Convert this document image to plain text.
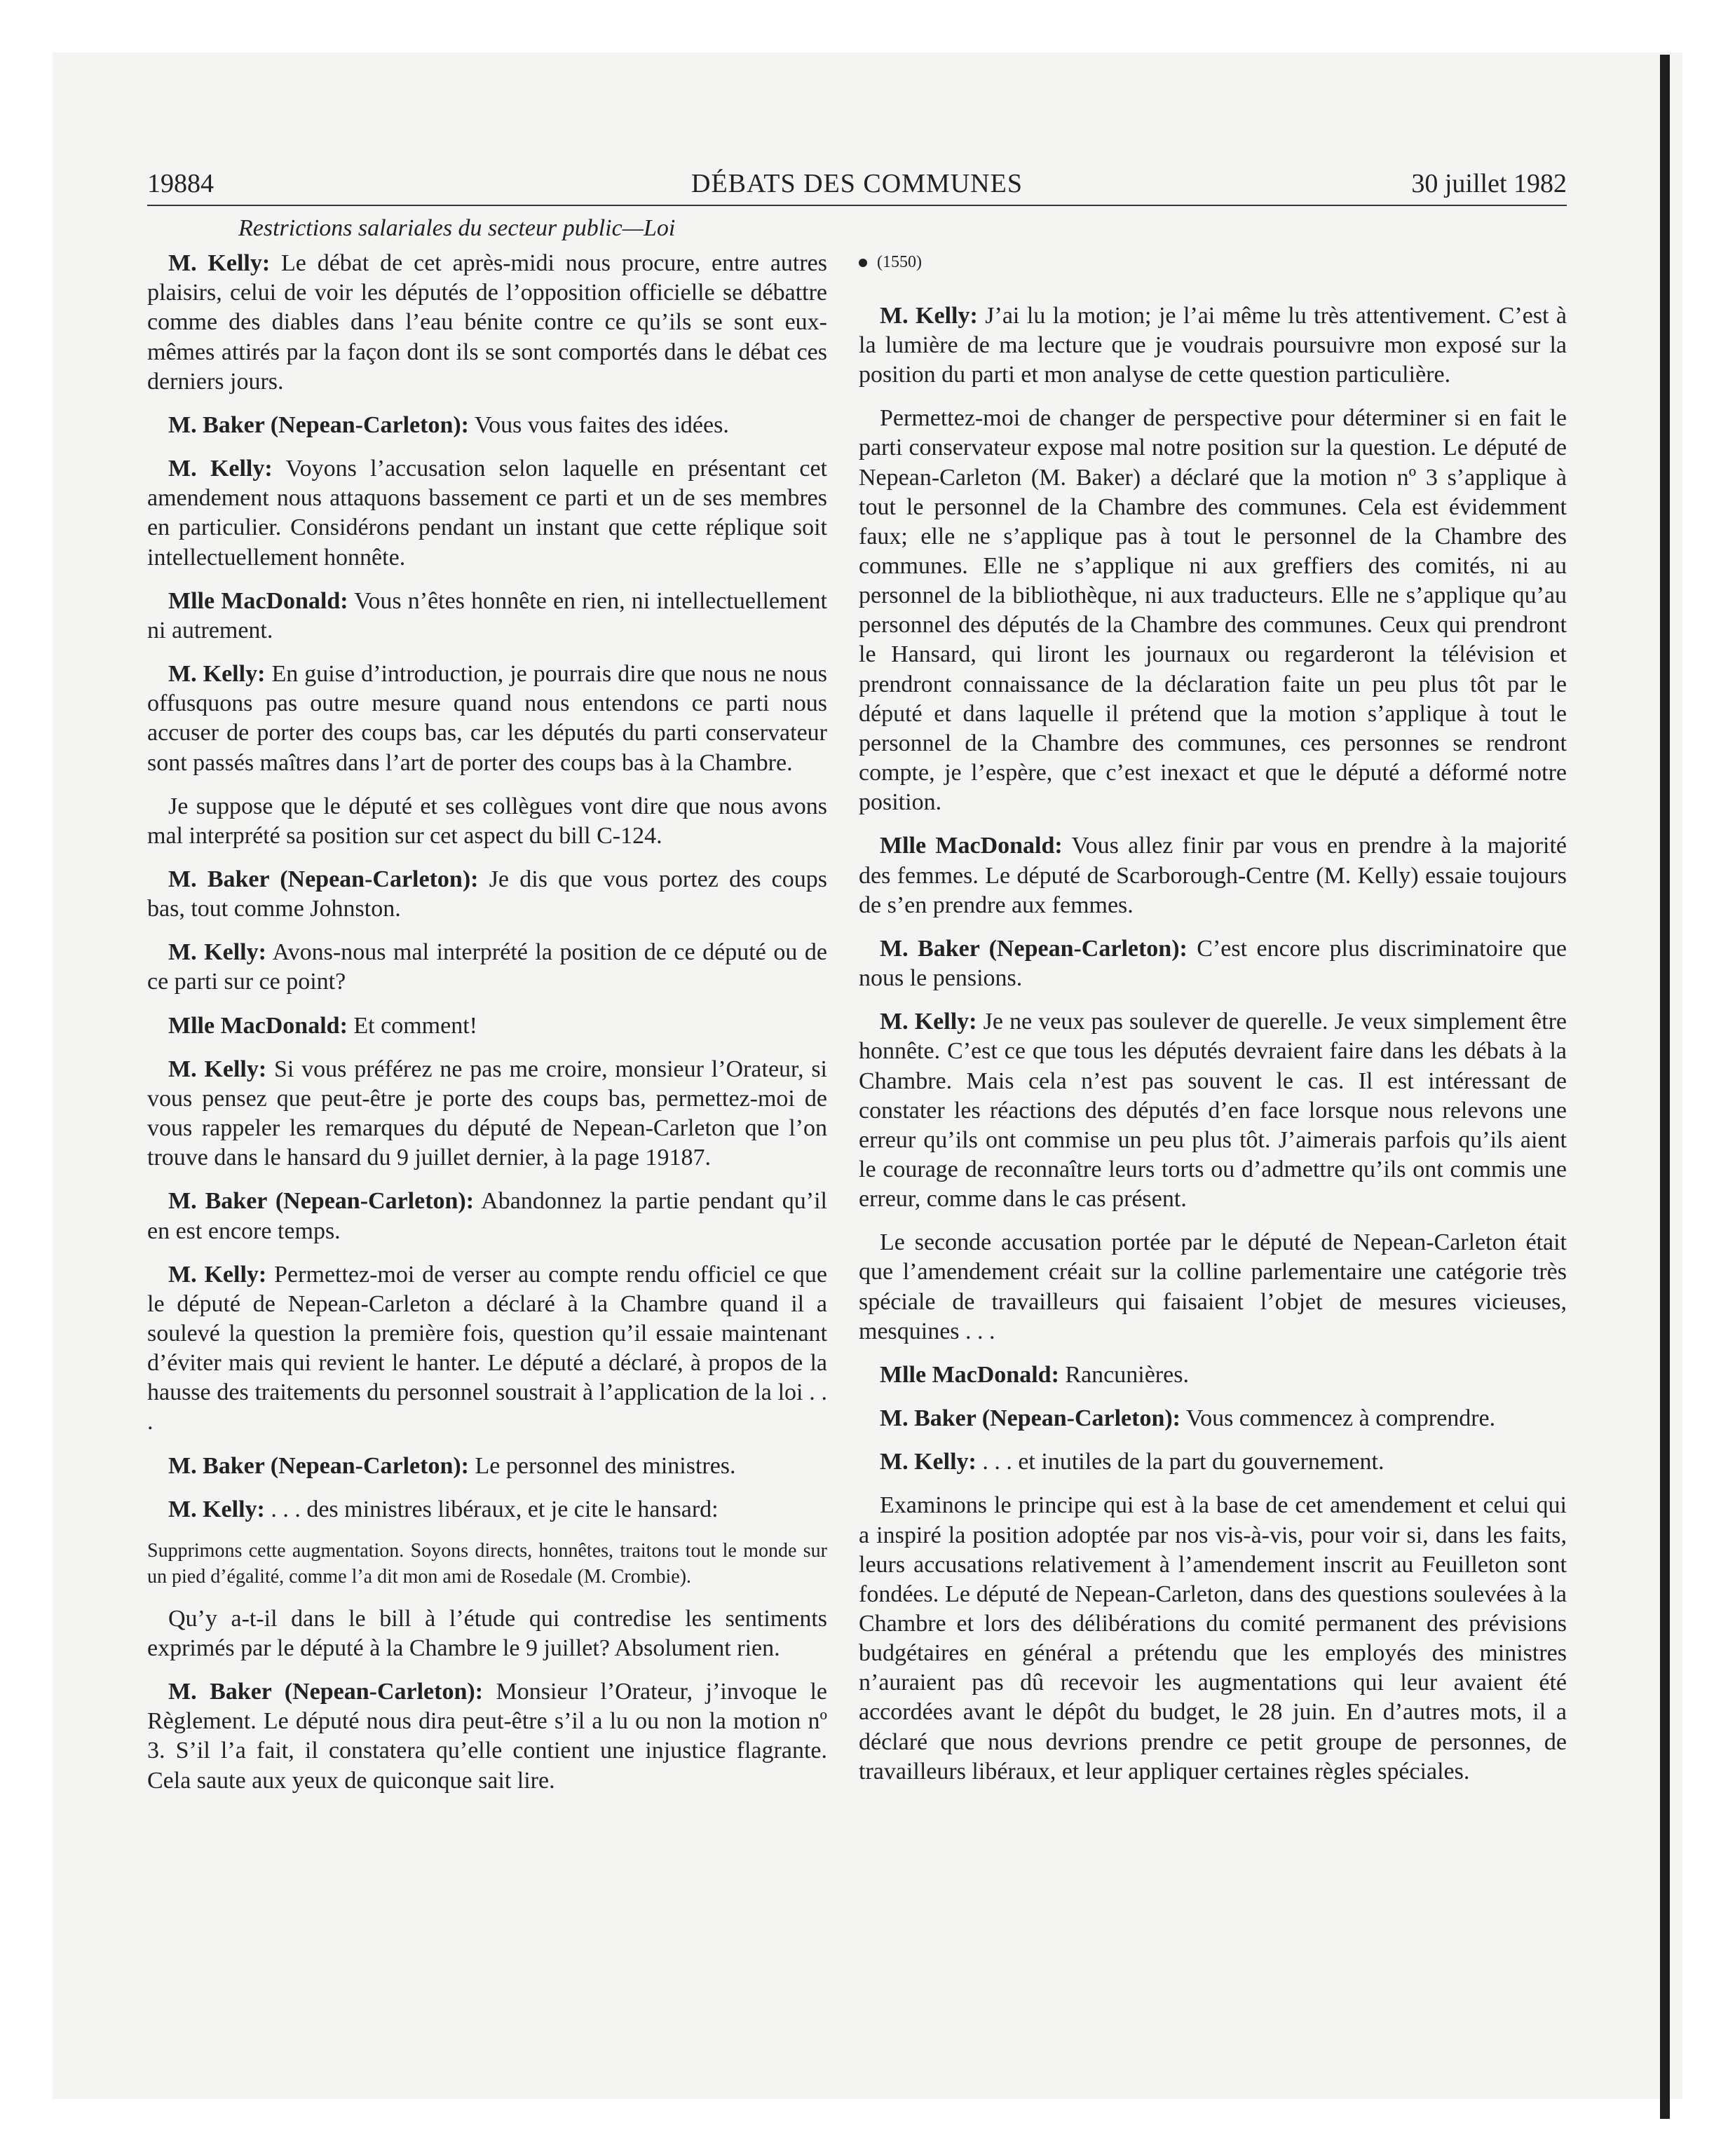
19884	DÉBATS DES COMMUNES	30 juillet 1982
Restrictions salariales du secteur public—Loi
M. Kelly: Le débat de cet après-midi nous procure, entre autres plaisirs, celui de voir les députés de l’opposition officielle se débattre comme des diables dans l’eau bénite contre ce qu’ils se sont eux-mêmes attirés par la façon dont ils se sont comportés dans le débat ces derniers jours.
M. Baker (Nepean-Carleton): Vous vous faites des idées.
M. Kelly: Voyons l’accusation selon laquelle en présentant cet amendement nous attaquons bassement ce parti et un de ses membres en particulier. Considérons pendant un instant que cette réplique soit intellectuellement honnête.
Mlle MacDonald: Vous n’êtes honnête en rien, ni intellectuellement ni autrement.
M. Kelly: En guise d’introduction, je pourrais dire que nous ne nous offusquons pas outre mesure quand nous entendons ce parti nous accuser de porter des coups bas, car les députés du parti conservateur sont passés maîtres dans l’art de porter des coups bas à la Chambre.
Je suppose que le député et ses collègues vont dire que nous avons mal interprété sa position sur cet aspect du bill C-124.
M. Baker (Nepean-Carleton): Je dis que vous portez des coups bas, tout comme Johnston.
M. Kelly: Avons-nous mal interprété la position de ce député ou de ce parti sur ce point?
Mlle MacDonald: Et comment!
M. Kelly: Si vous préférez ne pas me croire, monsieur l’Orateur, si vous pensez que peut-être je porte des coups bas, permettez-moi de vous rappeler les remarques du député de Nepean-Carleton que l’on trouve dans le hansard du 9 juillet dernier, à la page 19187.
M. Baker (Nepean-Carleton): Abandonnez la partie pendant qu’il en est encore temps.
M. Kelly: Permettez-moi de verser au compte rendu officiel ce que le député de Nepean-Carleton a déclaré à la Chambre quand il a soulevé la question la première fois, question qu’il essaie maintenant d’éviter mais qui revient le hanter. Le député a déclaré, à propos de la hausse des traitements du personnel soustrait à l’application de la loi . . .
M. Baker (Nepean-Carleton): Le personnel des ministres.
M. Kelly: . . . des ministres libéraux, et je cite le hansard:
Supprimons cette augmentation. Soyons directs, honnêtes, traitons tout le monde sur un pied d’égalité, comme l’a dit mon ami de Rosedale (M. Crombie).
Qu’y a-t-il dans le bill à l’étude qui contredise les sentiments exprimés par le député à la Chambre le 9 juillet? Absolument rien.
M. Baker (Nepean-Carleton): Monsieur l’Orateur, j’invoque le Règlement. Le député nous dira peut-être s’il a lu ou non la motion nº 3. S’il l’a fait, il constatera qu’elle contient une injustice flagrante. Cela saute aux yeux de quiconque sait lire.
(1550)
M. Kelly: J’ai lu la motion; je l’ai même lu très attentivement. C’est à la lumière de ma lecture que je voudrais poursuivre mon exposé sur la position du parti et mon analyse de cette question particulière.
Permettez-moi de changer de perspective pour déterminer si en fait le parti conservateur expose mal notre position sur la question. Le député de Nepean-Carleton (M. Baker) a déclaré que la motion nº 3 s’applique à tout le personnel de la Chambre des communes. Cela est évidemment faux; elle ne s’applique pas à tout le personnel de la Chambre des communes. Elle ne s’applique ni aux greffiers des comités, ni au personnel de la bibliothèque, ni aux traducteurs. Elle ne s’applique qu’au personnel des députés de la Chambre des communes. Ceux qui prendront le Hansard, qui liront les journaux ou regarderont la télévision et prendront connaissance de la déclaration faite un peu plus tôt par le député et dans laquelle il prétend que la motion s’applique à tout le personnel de la Chambre des communes, ces personnes se rendront compte, je l’espère, que c’est inexact et que le député a déformé notre position.
Mlle MacDonald: Vous allez finir par vous en prendre à la majorité des femmes. Le député de Scarborough-Centre (M. Kelly) essaie toujours de s’en prendre aux femmes.
M. Baker (Nepean-Carleton): C’est encore plus discriminatoire que nous le pensions.
M. Kelly: Je ne veux pas soulever de querelle. Je veux simplement être honnête. C’est ce que tous les députés devraient faire dans les débats à la Chambre. Mais cela n’est pas souvent le cas. Il est intéressant de constater les réactions des députés d’en face lorsque nous relevons une erreur qu’ils ont commise un peu plus tôt. J’aimerais parfois qu’ils aient le courage de reconnaître leurs torts ou d’admettre qu’ils ont commis une erreur, comme dans le cas présent.
Le seconde accusation portée par le député de Nepean-Carleton était que l’amendement créait sur la colline parlementaire une catégorie très spéciale de travailleurs qui faisaient l’objet de mesures vicieuses, mesquines . . .
Mlle MacDonald: Rancunières.
M. Baker (Nepean-Carleton): Vous commencez à comprendre.
M. Kelly: . . . et inutiles de la part du gouvernement.
Examinons le principe qui est à la base de cet amendement et celui qui a inspiré la position adoptée par nos vis-à-vis, pour voir si, dans les faits, leurs accusations relativement à l’amendement inscrit au Feuilleton sont fondées. Le député de Nepean-Carleton, dans des questions soulevées à la Chambre et lors des délibérations du comité permanent des prévisions budgétaires en général a prétendu que les employés des ministres n’auraient pas dû recevoir les augmentations qui leur avaient été accordées avant le dépôt du budget, le 28 juin. En d’autres mots, il a déclaré que nous devrions prendre ce petit groupe de personnes, de travailleurs libéraux, et leur appliquer certaines règles spéciales.
